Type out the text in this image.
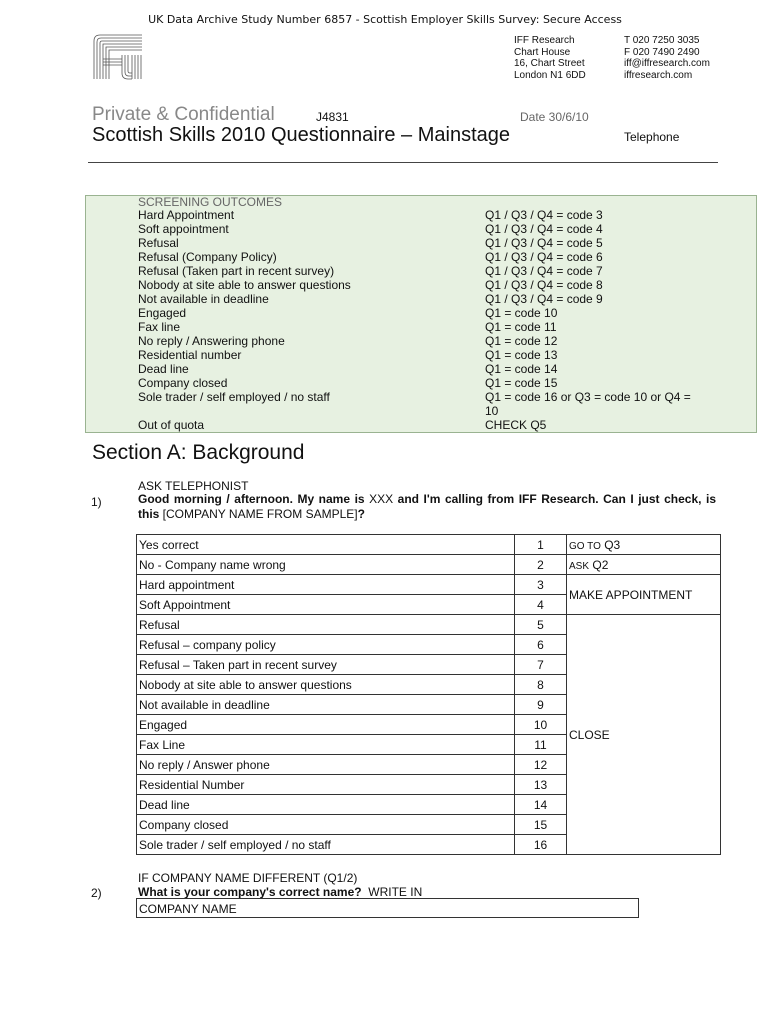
UK Data Archive Study Number 6857 - Scottish Employer Skills Survey: Secure Access
IFF Research
Chart House
16, Chart Street
London N1 6DD
T 020 7250 3035
F 020 7490 2490
iff@iffresearch.com
iffresearch.com
Private & Confidential	J4831	Date 30/6/10
Scottish Skills 2010 Questionnaire – Mainstage	Telephone
SCREENING OUTCOMES
Hard Appointment	Q1 / Q3 / Q4 = code 3
Soft appointment	Q1 / Q3 / Q4 = code 4
Refusal	Q1 / Q3 / Q4 = code 5
Refusal (Company Policy)	Q1 / Q3 / Q4 = code 6
Refusal (Taken part in recent survey)	Q1 / Q3 / Q4 = code 7
Nobody at site able to answer questions	Q1 / Q3 / Q4 = code 8
Not available in deadline	Q1 / Q3 / Q4 = code 9
Engaged	Q1 = code 10
Fax line	Q1 = code 11
No reply / Answering phone	Q1 = code 12
Residential number	Q1 = code 13
Dead line	Q1 = code 14
Company closed	Q1 = code 15
Sole trader / self employed / no staff	Q1 = code 16 or Q3 = code 10 or Q4 = 10
Out of quota	CHECK Q5
Section A: Background
ASK TELEPHONIST
1)	Good morning / afternoon. My name is XXX and I'm calling from IFF Research. Can I just check, is this [COMPANY NAME FROM SAMPLE]?
Yes correct	1	GO TO Q3
No - Company name wrong	2	ASK Q2
Hard appointment	3	MAKE APPOINTMENT
Soft Appointment	4	
Refusal	5	CLOSE
Refusal – company policy	6	
Refusal – Taken part in recent survey	7	
Nobody at site able to answer questions	8	
Not available in deadline	9	
Engaged	10	
Fax Line	11	
No reply / Answer phone	12	
Residential Number	13	
Dead line	14	
Company closed	15	
Sole trader / self employed / no staff	16	
IF COMPANY NAME DIFFERENT (Q1/2)
2)	What is your company's correct name? WRITE IN
COMPANY NAME
